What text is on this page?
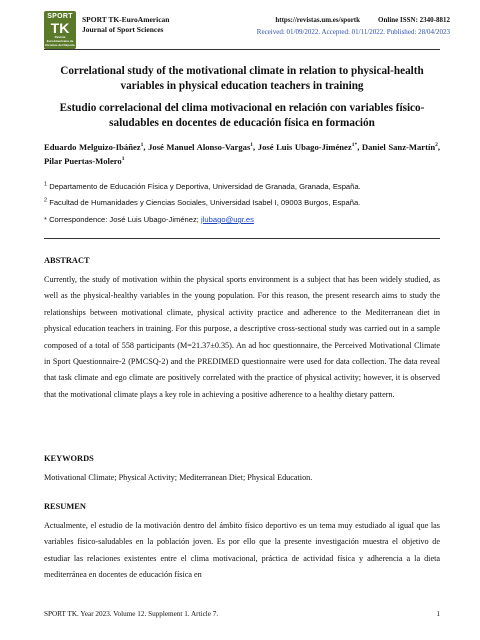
SPORT
TK
Revista EuroAmericana de Ciencias del Deporte
SPORT TK-EuroAmerican
Journal of Sport Sciences
https://revistas.um.es/sportk	Online ISSN: 2340-8812
Received: 01/09/2022. Accepted: 01/11/2022. Published: 28/04/2023
Correlational study of the motivational climate in relation to physical-health variables in physical education teachers in training
Estudio correlacional del clima motivacional en relación con variables físico-saludables en docentes de educación física en formación
Eduardo Melguizo-Ibáñez$^1$, José Manuel Alonso-Vargas$^1$, José Luis Ubago-Jiménez$^{1*}$, Daniel Sanz-Martín$^2$, Pilar Puertas-Molero$^1$
$^1$ Departamento de Educación Física y Deportiva, Universidad de Granada, Granada, España.
$^2$ Facultad de Humanidades y Ciencias Sociales, Universidad Isabel I, 09003 Burgos, España.
* Correspondence: José Luis Ubago-Jiménez; jlubago@ugr.es
ABSTRACT
Currently, the study of motivation within the physical sports environment is a subject that has been widely studied, as well as the physical-healthy variables in the young population. For this reason, the present research aims to study the relationships between motivational climate, physical activity practice and adherence to the Mediterranean diet in physical education teachers in training. For this purpose, a descriptive cross-sectional study was carried out in a sample composed of a total of 558 participants (M=21.37±0.35). An ad hoc questionnaire, the Perceived Motivational Climate in Sport Questionnaire-2 (PMCSQ-2) and the PREDIMED questionnaire were used for data collection. The data reveal that task climate and ego climate are positively correlated with the practice of physical activity; however, it is observed that the motivational climate plays a key role in achieving a positive adherence to a healthy dietary pattern.
KEYWORDS
Motivational Climate; Physical Activity; Mediterranean Diet; Physical Education.
RESUMEN
Actualmente, el estudio de la motivación dentro del ámbito físico deportivo es un tema muy estudiado al igual que las variables físico-saludables en la población joven. Es por ello que la presente investigación muestra el objetivo de estudiar las relaciones existentes entre el clima motivacional, práctica de actividad física y adherencia a la dieta mediterránea en docentes de educación física en
SPORT TK. Year 2023. Volume 12. Supplement 1. Article 7.	1
